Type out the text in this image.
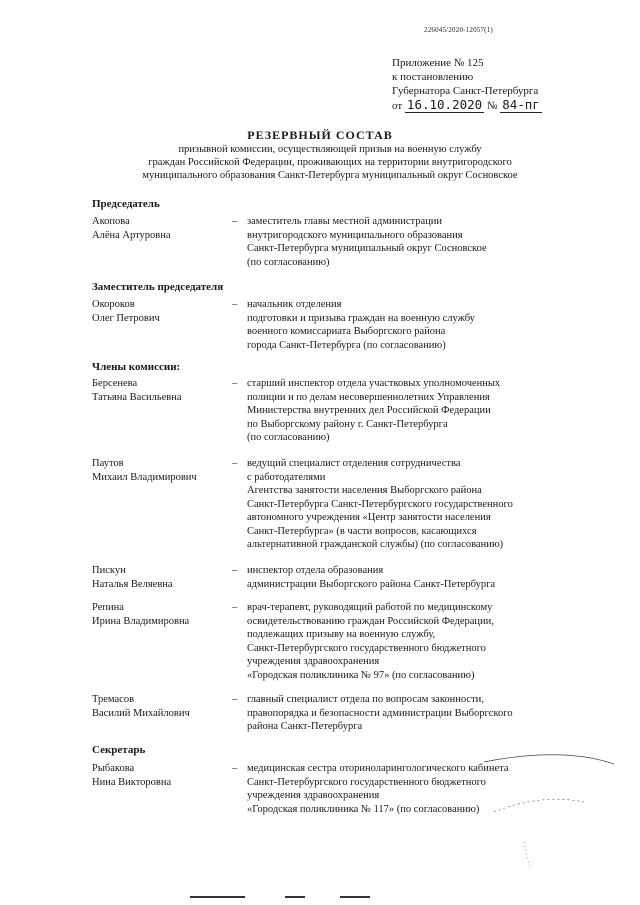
226045/2020-12057(1)
Приложение № 125
к постановлению
Губернатора Санкт-Петербурга
от 16.10.2020 № 84-пг
РЕЗЕРВНЫЙ СОСТАВ
призывной комиссии, осуществляющей призыв на военную службу
граждан Российской Федерации, проживающих на территории внутригородского
муниципального образования Санкт-Петербурга муниципальный округ Сосновское
Председатель
Акопова
Алёна Артуровна
– заместитель главы местной администрации
внутригородского муниципального образования
Санкт-Петербурга муниципальный округ Сосновское
(по согласованию)
Заместитель председателя
Окороков
Олег Петрович
– начальник отделения
подготовки и призыва граждан на военную службу
военного комиссариата Выборгского района
города Санкт-Петербурга (по согласованию)
Члены комиссии:
Берсенева
Татьяна Васильевна
– старший инспектор отдела участковых уполномоченных
полиции и по делам несовершеннолетних Управления
Министерства внутренних дел Российской Федерации
по Выборгскому району г. Санкт-Петербурга
(по согласованию)
Паутов
Михаил Владимирович
– ведущий специалист отделения сотрудничества
с работодателями
Агентства занятости населения Выборгского района
Санкт-Петербурга Санкт-Петербургского государственного
автономного учреждения «Центр занятости населения
Санкт-Петербурга» (в части вопросов, касающихся
альтернативной гражданской службы) (по согласованию)
Пискун
Наталья Веляевна
– инспектор отдела образования
администрации Выборгского района Санкт-Петербурга
Репина
Ирина Владимировна
– врач-терапевт, руководящий работой по медицинскому
освидетельствованию граждан Российской Федерации,
подлежащих призыву на военную службу,
Санкт-Петербургского государственного бюджетного
учреждения здравоохранения
«Городская поликлиника № 97» (по согласованию)
Тремасов
Василий Михайлович
– главный специалист отдела по вопросам законности,
правопорядка и безопасности администрации Выборгского
района Санкт-Петербурга
Секретарь
Рыбакова
Нина Викторовна
– медицинская сестра оториноларингологического кабинета
Санкт-Петербургского государственного бюджетного
учреждения здравоохранения
«Городская поликлиника № 117» (по согласованию)
